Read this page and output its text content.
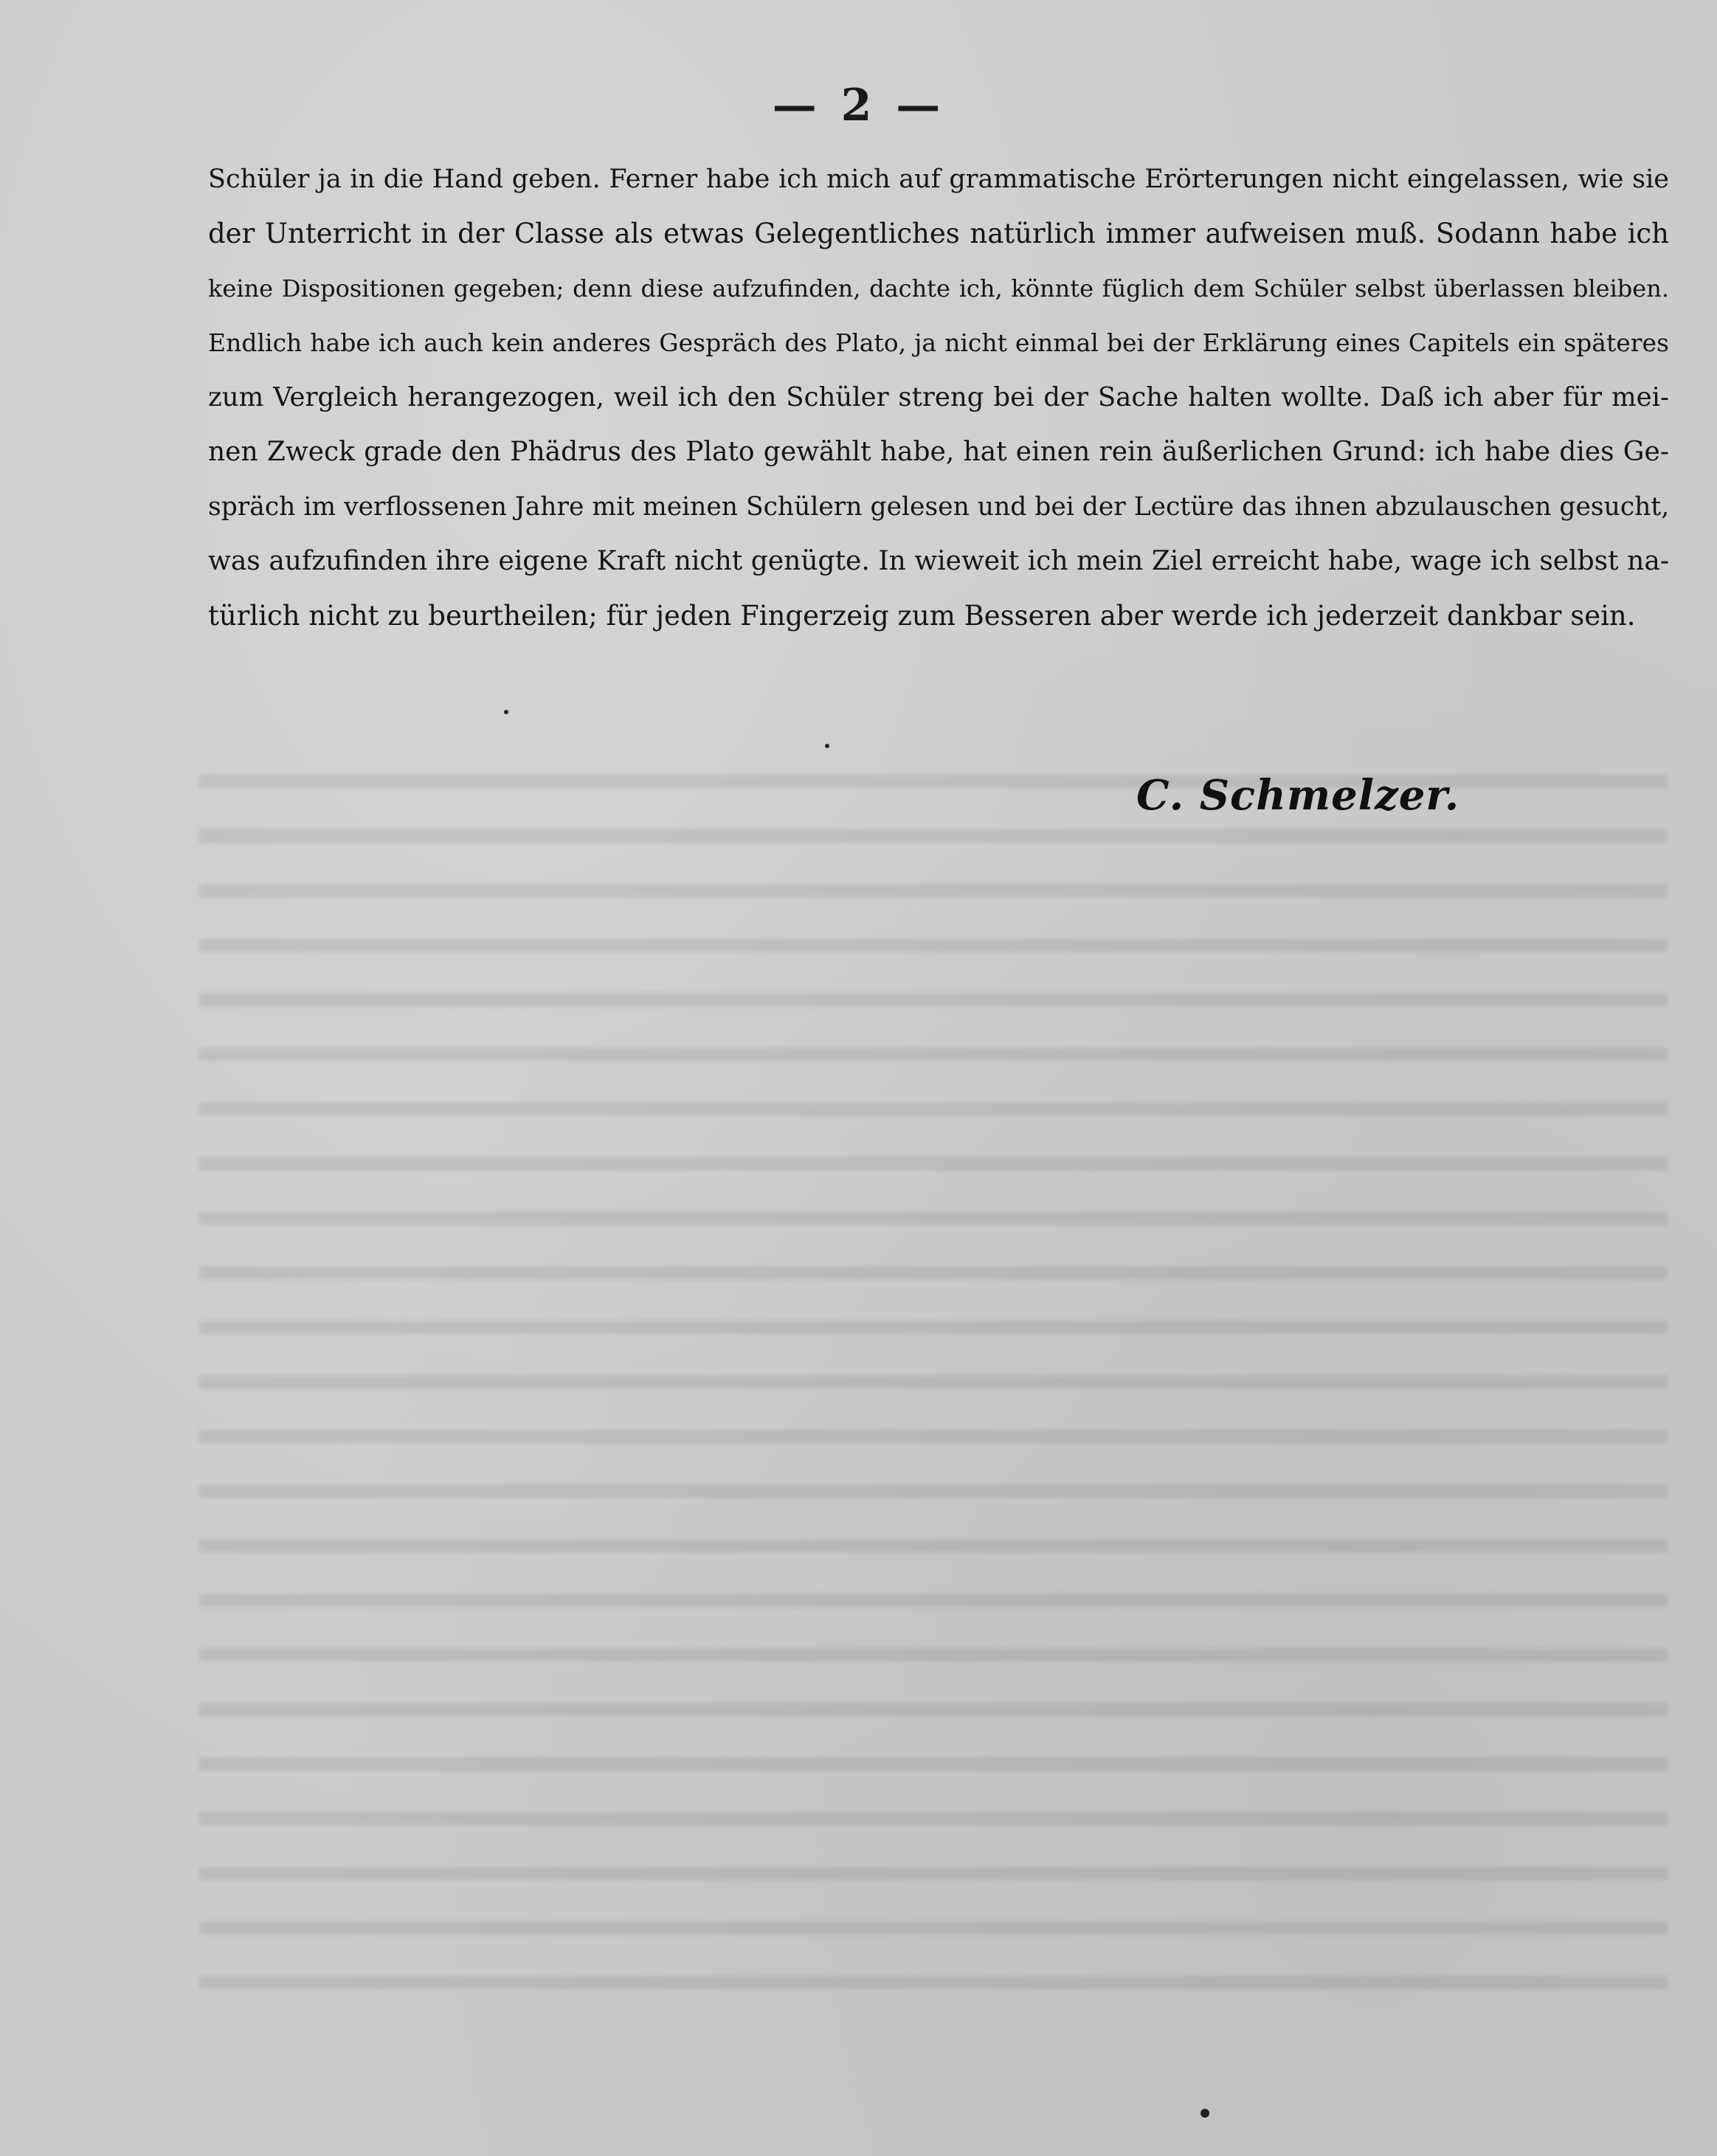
— 2 —
Schüler ja in die Hand geben. Ferner habe ich mich auf grammatische Erörterungen nicht eingelassen, wie sie
der Unterricht in der Classe als etwas Gelegentliches natürlich immer aufweisen muß. Sodann habe ich
keine Dispositionen gegeben; denn diese aufzufinden, dachte ich, könnte füglich dem Schüler selbst überlassen bleiben.
Endlich habe ich auch kein anderes Gespräch des Plato, ja nicht einmal bei der Erklärung eines Capitels ein späteres
zum Vergleich herangezogen, weil ich den Schüler streng bei der Sache halten wollte. Daß ich aber für mei-
nen Zweck grade den Phädrus des Plato gewählt habe, hat einen rein äußerlichen Grund: ich habe dies Ge-
spräch im verflossenen Jahre mit meinen Schülern gelesen und bei der Lectüre das ihnen abzulauschen gesucht,
was aufzufinden ihre eigene Kraft nicht genügte. In wieweit ich mein Ziel erreicht habe, wage ich selbst na-
türlich nicht zu beurtheilen; für jeden Fingerzeig zum Besseren aber werde ich jederzeit dankbar sein.
C. Schmelzer.
